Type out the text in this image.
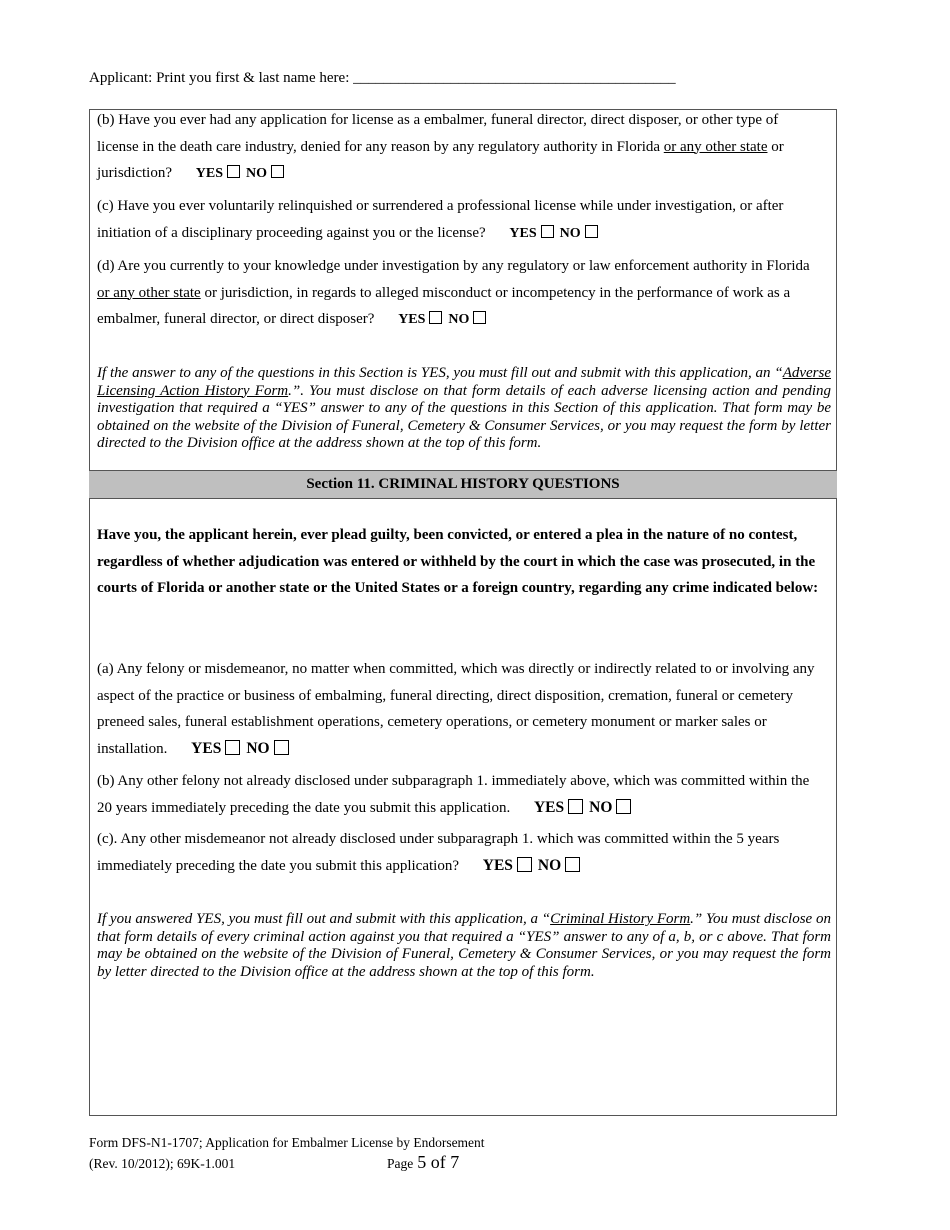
Applicant: Print you first & last name here: ___________________________________________

(b) Have you ever had any application for license as a embalmer, funeral director, direct disposer, or other type of license in the death care industry, denied for any reason by any regulatory authority in Florida or any other state or jurisdiction? YES NO

(c) Have you ever voluntarily relinquished or surrendered a professional license while under investigation, or after initiation of a disciplinary proceeding against you or the license? YES NO

(d) Are you currently to your knowledge under investigation by any regulatory or law enforcement authority in Florida or any other state or jurisdiction, in regards to alleged misconduct or incompetency in the performance of work as a embalmer, funeral director, or direct disposer? YES NO

If the answer to any of the questions in this Section is YES, you must fill out and submit with this application, an “Adverse Licensing Action History Form.”. You must disclose on that form details of each adverse licensing action and pending investigation that required a “YES” answer to any of the questions in this Section of this application. That form may be obtained on the website of the Division of Funeral, Cemetery & Consumer Services, or you may request the form by letter directed to the Division office at the address shown at the top of this form.

Section 11. CRIMINAL HISTORY QUESTIONS

Have you, the applicant herein, ever plead guilty, been convicted, or entered a plea in the nature of no contest, regardless of whether adjudication was entered or withheld by the court in which the case was prosecuted, in the courts of Florida or another state or the United States or a foreign country, regarding any crime indicated below:

(a) Any felony or misdemeanor, no matter when committed, which was directly or indirectly related to or involving any aspect of the practice or business of embalming, funeral directing, direct disposition, cremation, funeral or cemetery preneed sales, funeral establishment operations, cemetery operations, or cemetery monument or marker sales or installation. YES NO

(b) Any other felony not already disclosed under subparagraph 1. immediately above, which was committed within the 20 years immediately preceding the date you submit this application. YES NO

(c). Any other misdemeanor not already disclosed under subparagraph 1. which was committed within the 5 years immediately preceding the date you submit this application? YES NO

If you answered YES, you must fill out and submit with this application, a “Criminal History Form.” You must disclose on that form details of every criminal action against you that required a “YES” answer to any of a, b, or c above. That form may be obtained on the website of the Division of Funeral, Cemetery & Consumer Services, or you may request the form by letter directed to the Division office at the address shown at the top of this form.

Form DFS-N1-1707; Application for Embalmer License by Endorsement
(Rev. 10/2012); 69K-1.001	Page 5 of 7
